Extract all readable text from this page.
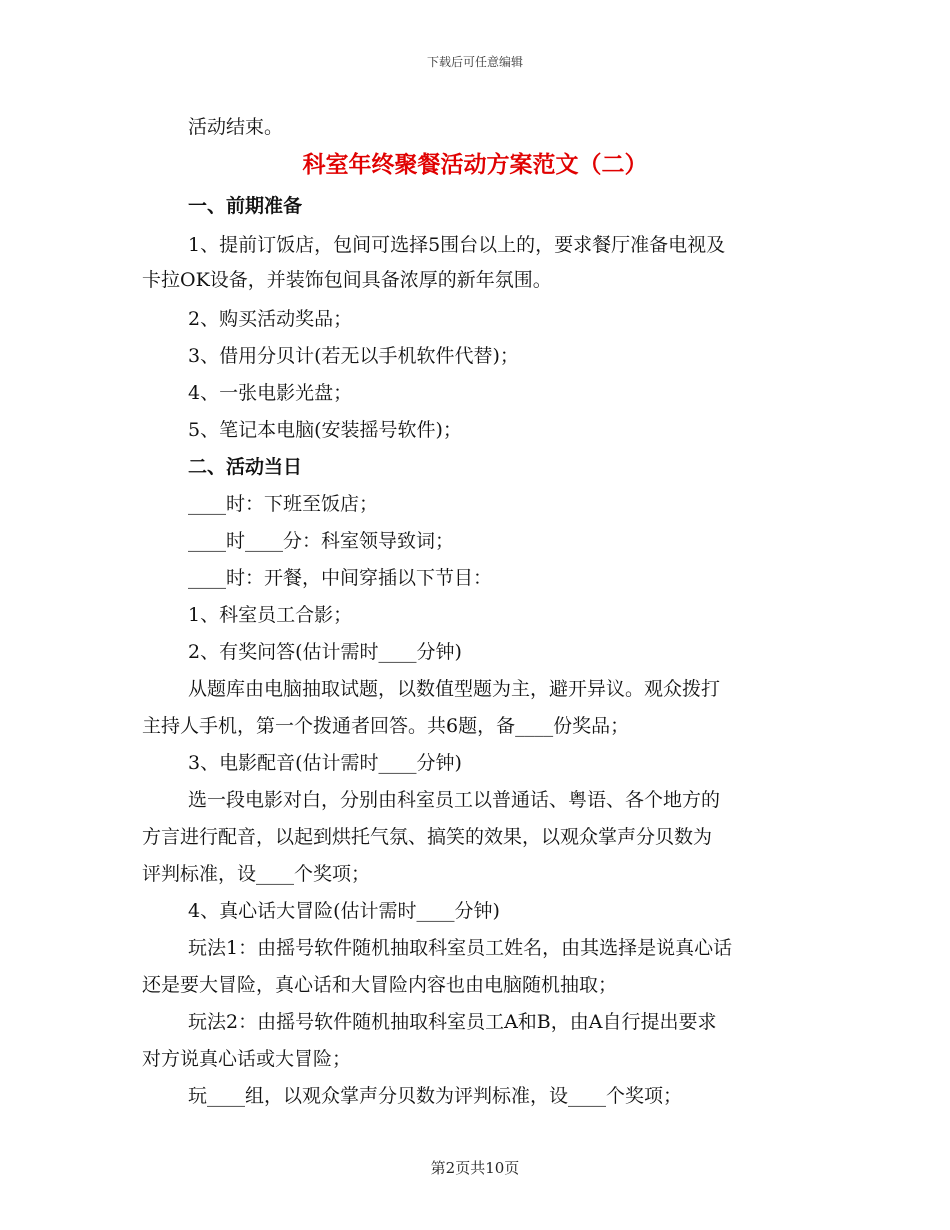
下载后可任意编辑
活动结束。
科室年终聚餐活动方案范文（二）
一、前期准备
1、提前订饭店，包间可选择5围台以上的，要求餐厅准备电视及
卡拉OK设备，并装饰包间具备浓厚的新年氛围。
2、购买活动奖品；
3、借用分贝计(若无以手机软件代替)；
4、一张电影光盘；
5、笔记本电脑(安装摇号软件)；
二、活动当日
____时：下班至饭店；
____时____分：科室领导致词；
____时：开餐，中间穿插以下节目：
1、科室员工合影；
2、有奖问答(估计需时____分钟)
从题库由电脑抽取试题，以数值型题为主，避开异议。观众拨打
主持人手机，第一个拨通者回答。共6题，备____份奖品；
3、电影配音(估计需时____分钟)
选一段电影对白，分别由科室员工以普通话、粤语、各个地方的
方言进行配音，以起到烘托气氛、搞笑的效果，以观众掌声分贝数为
评判标准，设____个奖项；
4、真心话大冒险(估计需时____分钟)
玩法1：由摇号软件随机抽取科室员工姓名，由其选择是说真心话
还是要大冒险，真心话和大冒险内容也由电脑随机抽取；
玩法2：由摇号软件随机抽取科室员工A和B，由A自行提出要求
对方说真心话或大冒险；
玩____组，以观众掌声分贝数为评判标准，设____个奖项；
第2页共10页
